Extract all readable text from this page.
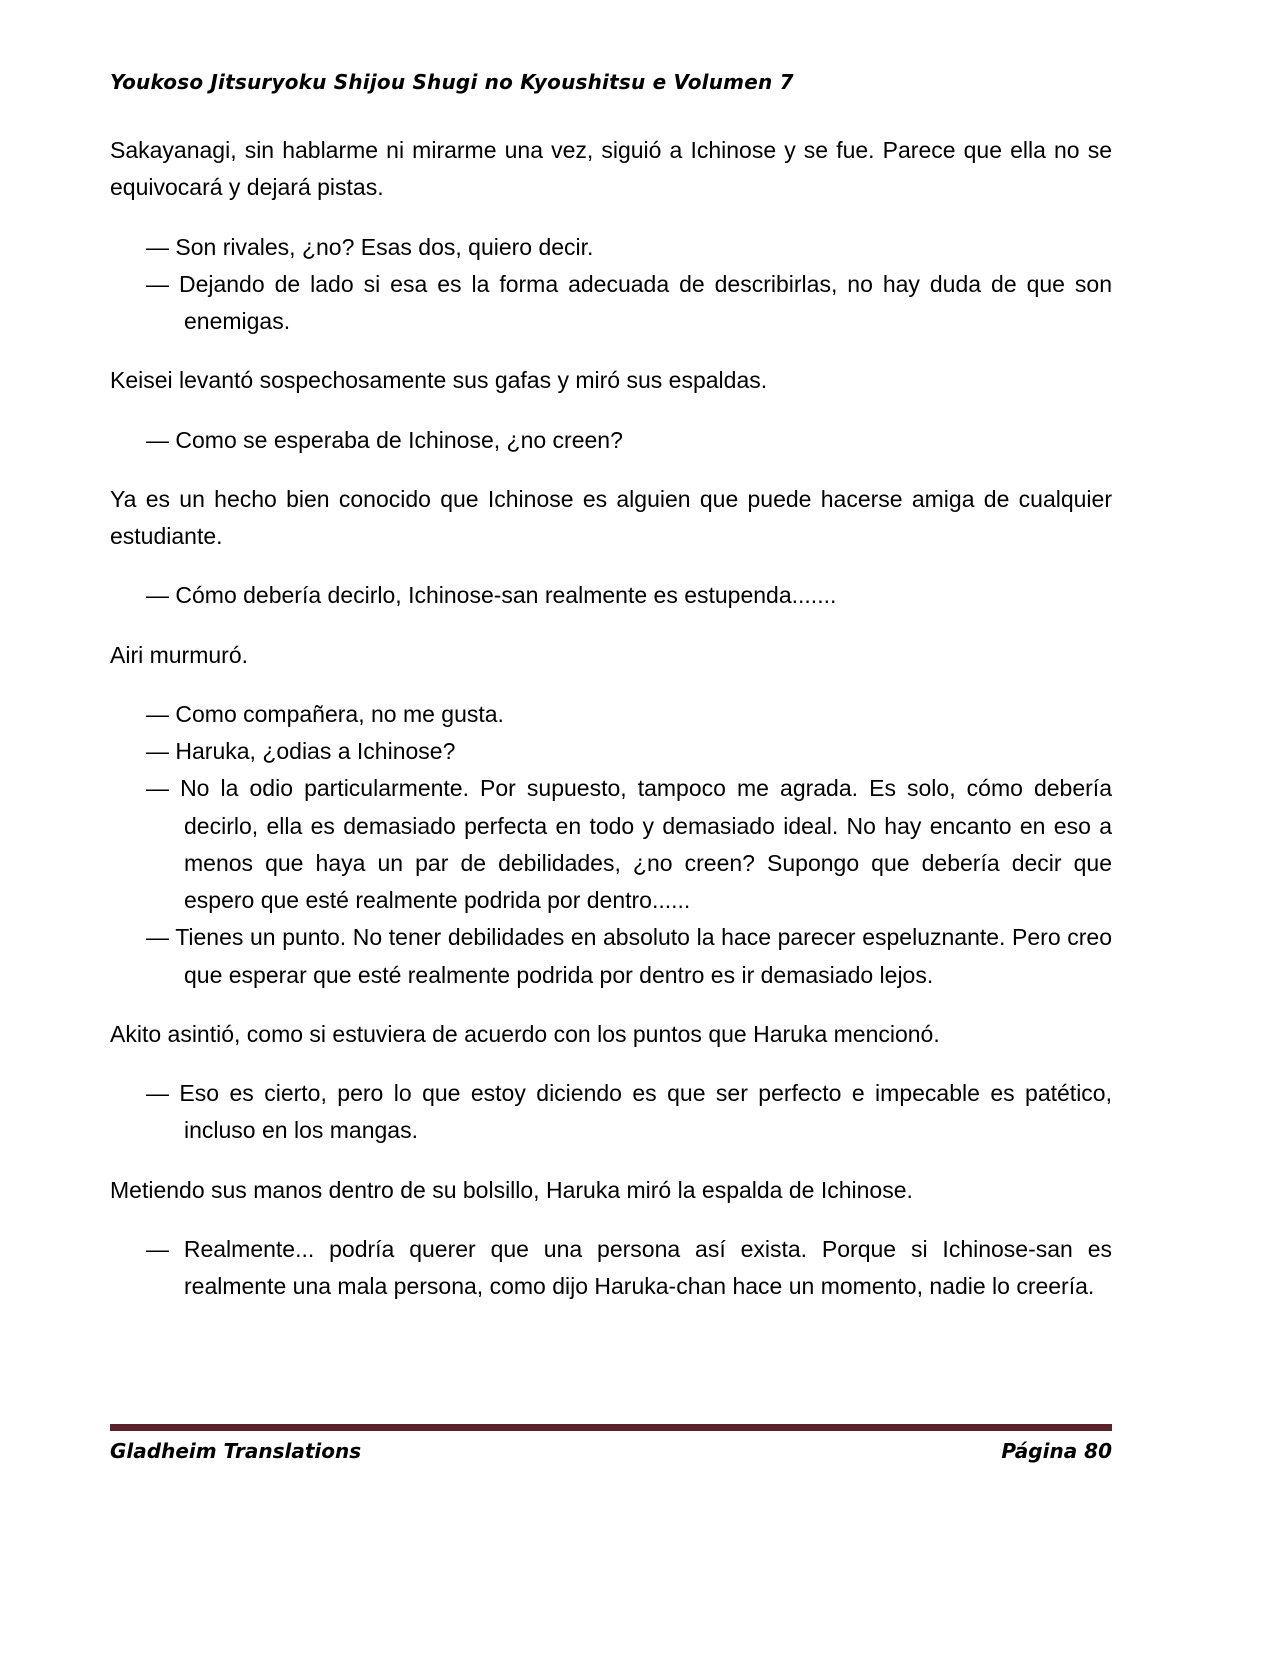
Youkoso Jitsuryoku Shijou Shugi no Kyoushitsu e Volumen 7
Sakayanagi, sin hablarme ni mirarme una vez, siguió a Ichinose y se fue. Parece que ella no se equivocará y dejará pistas.
— Son rivales, ¿no? Esas dos, quiero decir.
— Dejando de lado si esa es la forma adecuada de describirlas, no hay duda de que son enemigas.
Keisei levantó sospechosamente sus gafas y miró sus espaldas.
— Como se esperaba de Ichinose, ¿no creen?
Ya es un hecho bien conocido que Ichinose es alguien que puede hacerse amiga de cualquier estudiante.
— Cómo debería decirlo, Ichinose-san realmente es estupenda.......
Airi murmuró.
— Como compañera, no me gusta.
— Haruka, ¿odias a Ichinose?
— No la odio particularmente. Por supuesto, tampoco me agrada. Es solo, cómo debería decirlo, ella es demasiado perfecta en todo y demasiado ideal. No hay encanto en eso a menos que haya un par de debilidades, ¿no creen? Supongo que debería decir que espero que esté realmente podrida por dentro......
— Tienes un punto. No tener debilidades en absoluto la hace parecer espeluznante. Pero creo que esperar que esté realmente podrida por dentro es ir demasiado lejos.
Akito asintió, como si estuviera de acuerdo con los puntos que Haruka mencionó.
— Eso es cierto, pero lo que estoy diciendo es que ser perfecto e impecable es patético, incluso en los mangas.
Metiendo sus manos dentro de su bolsillo, Haruka miró la espalda de Ichinose.
— Realmente... podría querer que una persona así exista. Porque si Ichinose-san es realmente una mala persona, como dijo Haruka-chan hace un momento, nadie lo creería.
Gladheim Translations	Página 80
